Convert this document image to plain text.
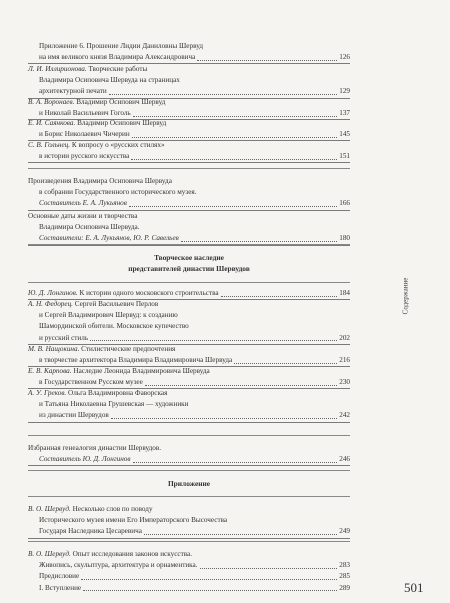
Приложение 6. Прошение Лидии Даниловны Шервуд
на имя великого князя Владимира Александровича	126
Л. И. Иллирионова. Творческие работы
Владимира Осиповича Шервуда на страницах
архитектурной печати	129
В. А. Воронаев. Владимир Осипович Шервуд
и Николай Васильевич Гоголь	137
Е. И. Саянкова. Владимир Осипович Шервуд
и Борис Николаевич Чичерин	145
С. В. Гольнец. К вопросу о «русских стилях»
в истории русского искусства	151
Произведения Владимира Осиповича Шервуда
в собрании Государственного исторического музея.
Составитель Е. А. Лукьянов	166
Основные даты жизни и творчества
Владимира Осиповича Шервуда.
Составители: Е. А. Лукьянов, Ю. Р. Савельев	180
Творческое наследие
представителей династии Шервудов
Ю. Д. Лонгинов. К истории одного московского строительства	184
А. Н. Федорец. Сергей Васильевич Перлов
и Сергей Владимирович Шервуд: к созданию
Шамординской обители. Московское купечество
и русский стиль	202
М. В. Нащокина. Стилистические предпочтения
в творчестве архитектора Владимира Владимировича Шервуда	216
Е. В. Карпова. Наследие Леонида Владимировича Шервуда
в Государственном Русском музее	230
А. У. Греков. Ольга Владимировна Фаворская
и Татьяна Николаевна Грушевская — художники
из династии Шервудов	242
Избранная генеалогия династии Шервудов.
Составитель Ю. Д. Лонгинов	246
Приложение
В. О. Шервуд. Несколько слов по поводу
Исторического музея имени Его Императорского Высочества
Государя Наследника Цесаревича	249
В. О. Шервуд. Опыт исследования законов искусства.
Живопись, скульптура, архитектура и орнаментика.	283
Предисловие	285
I. Вступление	289
Содержание
501
